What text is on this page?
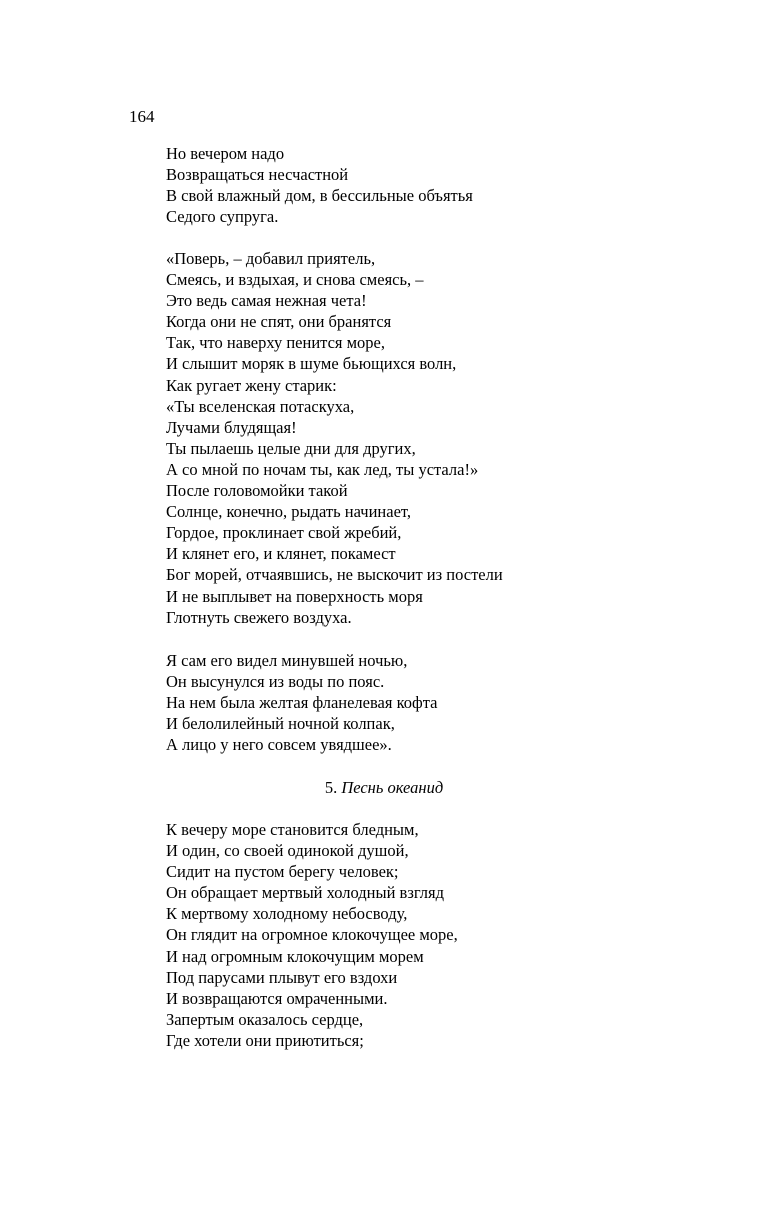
164
Но вечером надо
Возвращаться несчастной
В свой влажный дом, в бессильные объятья
Седого супруга.
«Поверь, – добавил приятель,
Смеясь, и вздыхая, и снова смеясь, –
Это ведь самая нежная чета!
Когда они не спят, они бранятся
Так, что наверху пенится море,
И слышит моряк в шуме бьющихся волн,
Как ругает жену старик:
«Ты вселенская потаскуха,
Лучами блудящая!
Ты пылаешь целые дни для других,
А со мной по ночам ты, как лед, ты устала!»
После головомойки такой
Солнце, конечно, рыдать начинает,
Гордое, проклинает свой жребий,
И клянет его, и клянет, покамест
Бог морей, отчаявшись, не выскочит из постели
И не выплывет на поверхность моря
Глотнуть свежего воздуха.
Я сам его видел минувшей ночью,
Он высунулся из воды по пояс.
На нем была желтая фланелевая кофта
И белолилейный ночной колпак,
А лицо у него совсем увядшее».
5. Песнь океанид
К вечеру море становится бледным,
И один, со своей одинокой душой,
Сидит на пустом берегу человек;
Он обращает мертвый холодный взгляд
К мертвому холодному небосводу,
Он глядит на огромное клокочущее море,
И над огромным клокочущим морем
Под парусами плывут его вздохи
И возвращаются омраченными.
Запертым оказалось сердце,
Где хотели они приютиться;
